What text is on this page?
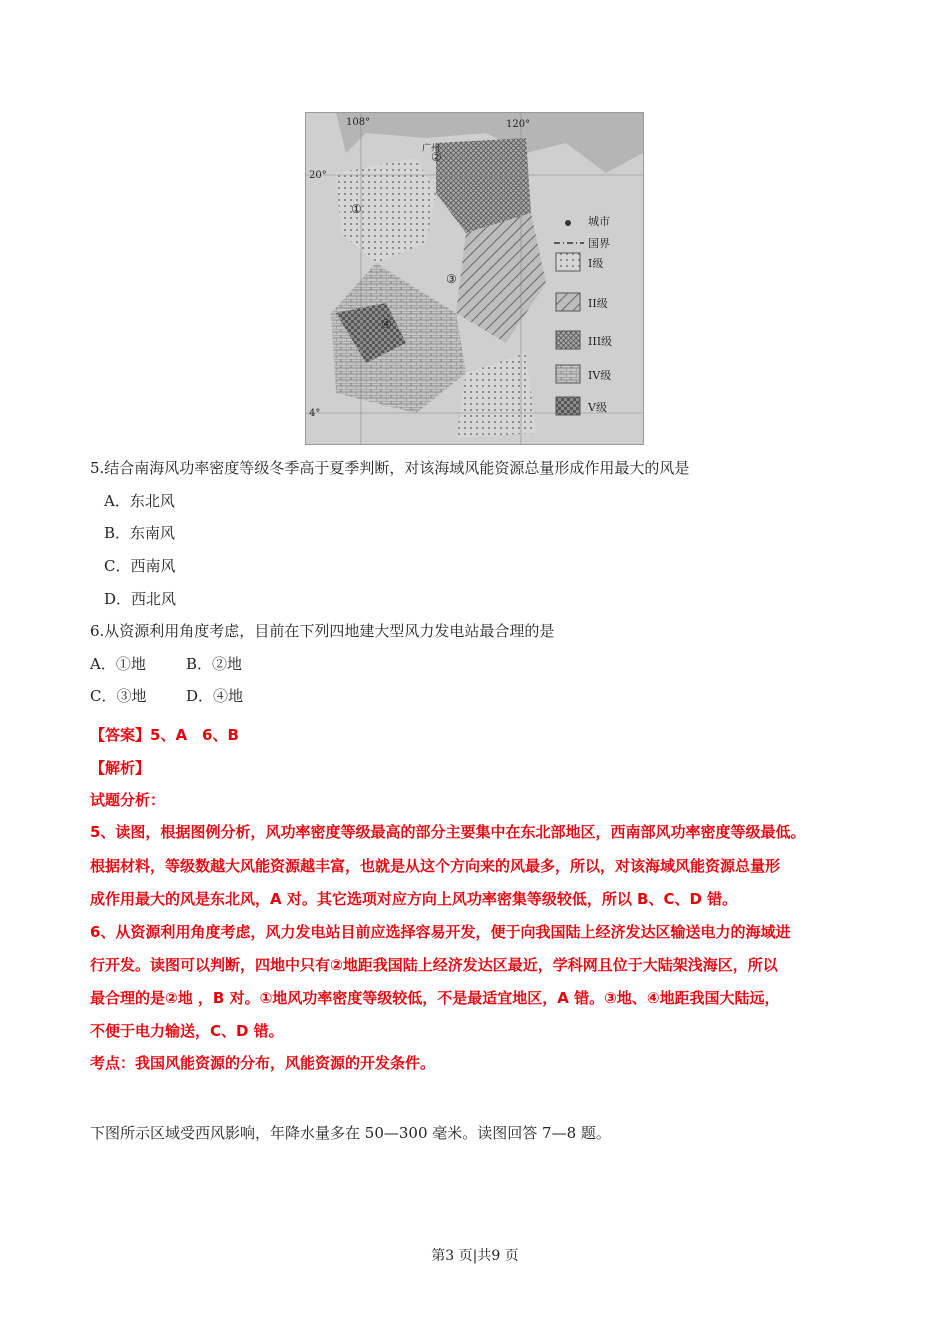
108°	120°
20°
4°
广州
①
②
③
④
城市
国界
I级
II级
III级
IV级
V级
5.结合南海风功率密度等级冬季高于夏季判断，对该海域风能资源总量形成作用最大的风是
A．东北风
B．东南风
C．西南风
D．西北风
6.从资源利用角度考虑，目前在下列四地建大型风力发电站最合理的是
A．①地	B．②地
C．③地	D．④地
【答案】5、A　6、B
【解析】
试题分析：
5、读图，根据图例分析，风功率密度等级最高的部分主要集中在东北部地区，西南部风功率密度等级最低。
根据材料，等级数越大风能资源越丰富，也就是从这个方向来的风最多，所以，对该海域风能资源总量形
成作用最大的风是东北风，A 对。其它选项对应方向上风功率密集等级较低，所以 B、C、D 错。
6、从资源利用角度考虑，风力发电站目前应选择容易开发，便于向我国陆上经济发达区输送电力的海域进
行开发。读图可以判断，四地中只有②地距我国陆上经济发达区最近，学科网且位于大陆架浅海区，所以
最合理的是②地 ，B 对。①地风功率密度等级较低，不是最适宜地区，A 错。③地、④地距我国大陆远，
不便于电力输送，C、D 错。
考点：我国风能资源的分布，风能资源的开发条件。
下图所示区域受西风影响，年降水量多在 50—300 毫米。读图回答 7—8 题。
第3 页|共9 页
